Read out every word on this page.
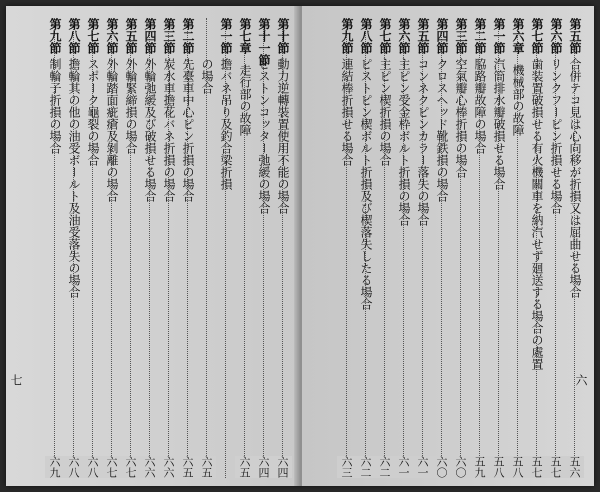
第十節
動力逆轉裝置使用不能の場合
六四
第十一節
ピストンコッター弛緩の場合
六四
第七章
走行部の故障
六五
第一節
擔バネ吊り及釣合梁折損
の場合
六五
第二節
先臺車中心ピン折損の場合
六五
第三節
炭水車擔花バネ折損の場合
六六
第四節
外輪弛緩及び破損せる場合
六六
第五節
外輪緊締損の場合
六七
第六節
外輪踏面疵瘡及剝離の場合
六七
第七節
スポーク龜裂の場合
六八
第八節
擔輪其の他の油受ボールト及油受落失の場合
六八
第九節
制輪子折損の場合
六九
七
第五節
合併テコ見は心向移が折損又は屈曲せる場合
五六
第六節
リンクフーピン折損せる場合
五七
第七節
歯装置破損せる有火機關車を納汽せず廻送する場合の處置
五七
第六章
機械部の故障
五八
第一節
汽筒排水瓣破損せる場合
五八
第二節
脇路瓣故障の場合
五九
第三節
空氣瓣心棒折損の場合
六〇
第四節
クロスヘッド靴鉄損の場合
六〇
第五節
コンネクピンカラー落失の場合
六一
第六節
主ピン受金枠ボルト折損の場合
六一
第七節
主ピン楔折損の場合
六二
第八節
ピストピン楔ボルト折損及び楔落失したる場合
六二
第九節
連結棒折損せる場合
六三
六
